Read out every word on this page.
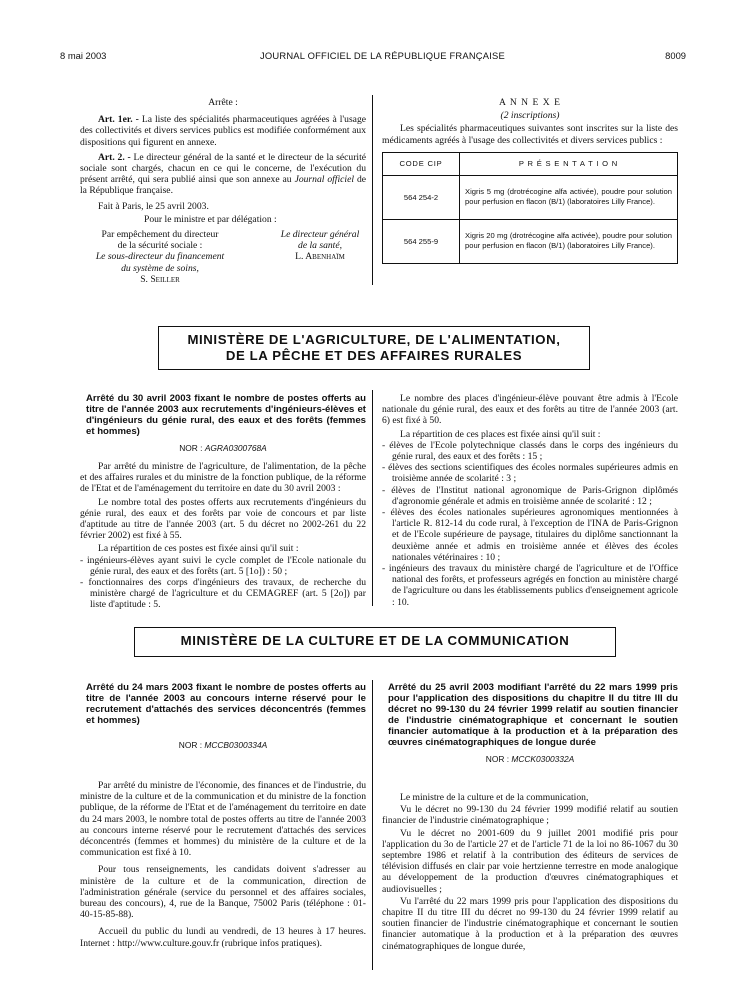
8 mai 2003	JOURNAL OFFICIEL DE LA RÉPUBLIQUE FRANÇAISE	8009

Arrête :

Art. 1er. - La liste des spécialités pharmaceutiques agréées à l'usage des collectivités et divers services publics est modifiée conformément aux dispositions qui figurent en annexe.

Art. 2. - Le directeur général de la santé et le directeur de la sécurité sociale sont chargés, chacun en ce qui le concerne, de l'exécution du présent arrêté, qui sera publié ainsi que son annexe au Journal officiel de la République française.

Fait à Paris, le 25 avril 2003.

Pour le ministre et par délégation :

Par empêchement du directeur
de la sécurité sociale :
Le sous-directeur du financement
du système de soins,
S. Seiller
Le directeur général
de la santé,
L. Abenhaïm

A N N E X E

(2 inscriptions)

Les spécialités pharmaceutiques suivantes sont inscrites sur la liste des médicaments agréés à l'usage des collectivités et divers services publics :

CODE CIP	P R É S E N T A T I O N
564 254-2	Xigris 5 mg (drotrécogine alfa activée), poudre pour solution pour perfusion en flacon (B/1) (laboratoires Lilly France).
564 255-9	Xigris 20 mg (drotrécogine alfa activée), poudre pour solution pour perfusion en flacon (B/1) (laboratoires Lilly France).
MINISTÈRE DE L'AGRICULTURE, DE L'ALIMENTATION,
DE LA PÊCHE ET DES AFFAIRES RURALES

Arrêté du 30 avril 2003 fixant le nombre de postes offerts au titre de l'année 2003 aux recrutements d'ingénieurs-élèves et d'ingénieurs du génie rural, des eaux et des forêts (femmes et hommes)

NOR : AGRA0300768A

Par arrêté du ministre de l'agriculture, de l'alimentation, de la pêche et des affaires rurales et du ministre de la fonction publique, de la réforme de l'Etat et de l'aménagement du territoire en date du 30 avril 2003 :

Le nombre total des postes offerts aux recrutements d'ingénieurs du génie rural, des eaux et des forêts par voie de concours et par liste d'aptitude au titre de l'année 2003 (art. 5 du décret no 2002-261 du 22 février 2002) est fixé à 55.

La répartition de ces postes est fixée ainsi qu'il suit :

- ingénieurs-élèves ayant suivi le cycle complet de l'Ecole nationale du génie rural, des eaux et des forêts (art. 5 [1o]) : 50 ;
- fonctionnaires des corps d'ingénieurs des travaux, de recherche du ministère chargé de l'agriculture et du CEMAGREF (art. 5 [2o]) par liste d'aptitude : 5.

Le nombre des places d'ingénieur-élève pouvant être admis à l'Ecole nationale du génie rural, des eaux et des forêts au titre de l'année 2003 (art. 6) est fixé à 50.

La répartition de ces places est fixée ainsi qu'il suit :

- élèves de l'Ecole polytechnique classés dans le corps des ingénieurs du génie rural, des eaux et des forêts : 15 ;
- élèves des sections scientifiques des écoles normales supérieures admis en troisième année de scolarité : 3 ;
- élèves de l'Institut national agronomique de Paris-Grignon diplômés d'agronomie générale et admis en troisième année de scolarité : 12 ;
- élèves des écoles nationales supérieures agronomiques mentionnées à l'article R. 812-14 du code rural, à l'exception de l'INA de Paris-Grignon et de l'Ecole supérieure de paysage, titulaires du diplôme sanctionnant la deuxième année et admis en troisième année et élèves des écoles nationales vétérinaires : 10 ;
- ingénieurs des travaux du ministère chargé de l'agriculture et de l'Office national des forêts, et professeurs agrégés en fonction au ministère chargé de l'agriculture ou dans les établissements publics d'enseignement agricole : 10.
MINISTÈRE DE LA CULTURE ET DE LA COMMUNICATION

Arrêté du 24 mars 2003 fixant le nombre de postes offerts au titre de l'année 2003 au concours interne réservé pour le recrutement d'attachés des services déconcentrés (femmes et hommes)

NOR : MCCB0300334A

Par arrêté du ministre de l'économie, des finances et de l'industrie, du ministre de la culture et de la communication et du ministre de la fonction publique, de la réforme de l'Etat et de l'aménagement du territoire en date du 24 mars 2003, le nombre total de postes offerts au titre de l'année 2003 au concours interne réservé pour le recrutement d'attachés des services déconcentrés (femmes et hommes) du ministère de la culture et de la communication est fixé à 10.

Pour tous renseignements, les candidats doivent s'adresser au ministère de la culture et de la communication, direction de l'administration générale (service du personnel et des affaires sociales, bureau des concours), 4, rue de la Banque, 75002 Paris (téléphone : 01-40-15-85-88).

Accueil du public du lundi au vendredi, de 13 heures à 17 heures. Internet : http://www.culture.gouv.fr (rubrique infos pratiques).

Arrêté du 25 avril 2003 modifiant l'arrêté du 22 mars 1999 pris pour l'application des dispositions du chapitre II du titre III du décret no 99-130 du 24 février 1999 relatif au soutien financier de l'industrie cinématographique et concernant le soutien financier automatique à la production et à la préparation des œuvres cinématographiques de longue durée

NOR : MCCK0300332A

Le ministre de la culture et de la communication,

Vu le décret no 99-130 du 24 février 1999 modifié relatif au soutien financier de l'industrie cinématographique ;

Vu le décret no 2001-609 du 9 juillet 2001 modifié pris pour l'application du 3o de l'article 27 et de l'article 71 de la loi no 86-1067 du 30 septembre 1986 et relatif à la contribution des éditeurs de services de télévision diffusés en clair par voie hertzienne terrestre en mode analogique au développement de la production d'œuvres cinématographiques et audiovisuelles ;

Vu l'arrêté du 22 mars 1999 pris pour l'application des dispositions du chapitre II du titre III du décret no 99-130 du 24 février 1999 relatif au soutien financier de l'industrie cinématographique et concernant le soutien financier automatique à la production et à la préparation des œuvres cinématographiques de longue durée,
